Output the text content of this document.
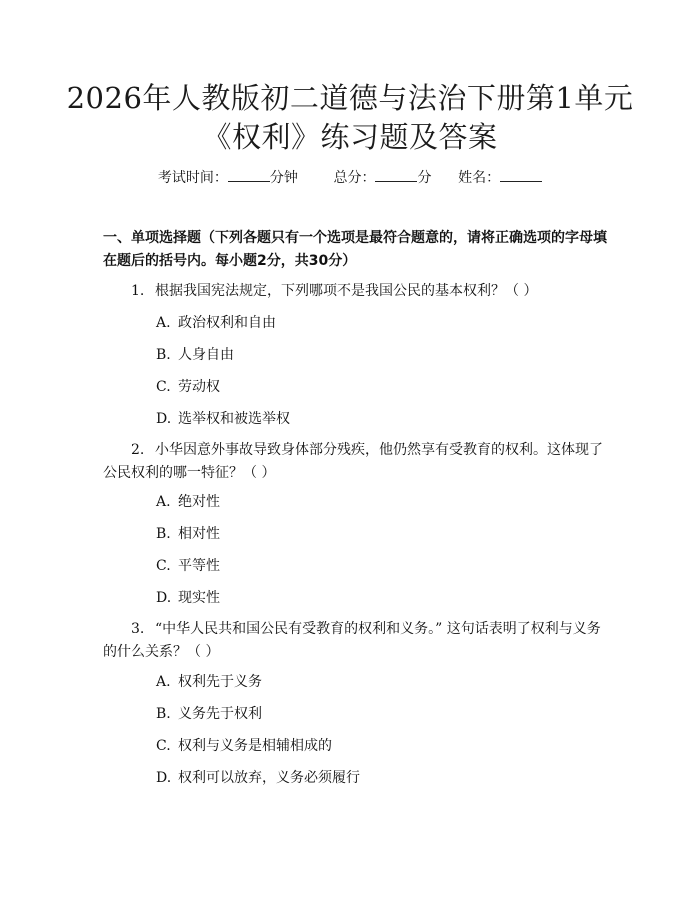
2026年人教版初二道德与法治下册第1单元
《权利》练习题及答案
考试时间：	分钟	总分：	分 姓名：
一、单项选择题（下列各题只有一个选项是最符合题意的，请将正确选项的字母填在题后的括号内。每小题2分，共30分）
1. 根据我国宪法规定，下列哪项不是我国公民的基本权利？（ ）
A. 政治权利和自由
B. 人身自由
C. 劳动权
D. 选举权和被选举权
2. 小华因意外事故导致身体部分残疾，他仍然享有受教育的权利。这体现了公民权利的哪一特征？（ ）
A. 绝对性
B. 相对性
C. 平等性
D. 现实性
3. “中华人民共和国公民有受教育的权利和义务。” 这句话表明了权利与义务的什么关系？（ ）
A. 权利先于义务
B. 义务先于权利
C. 权利与义务是相辅相成的
D. 权利可以放弃，义务必须履行
